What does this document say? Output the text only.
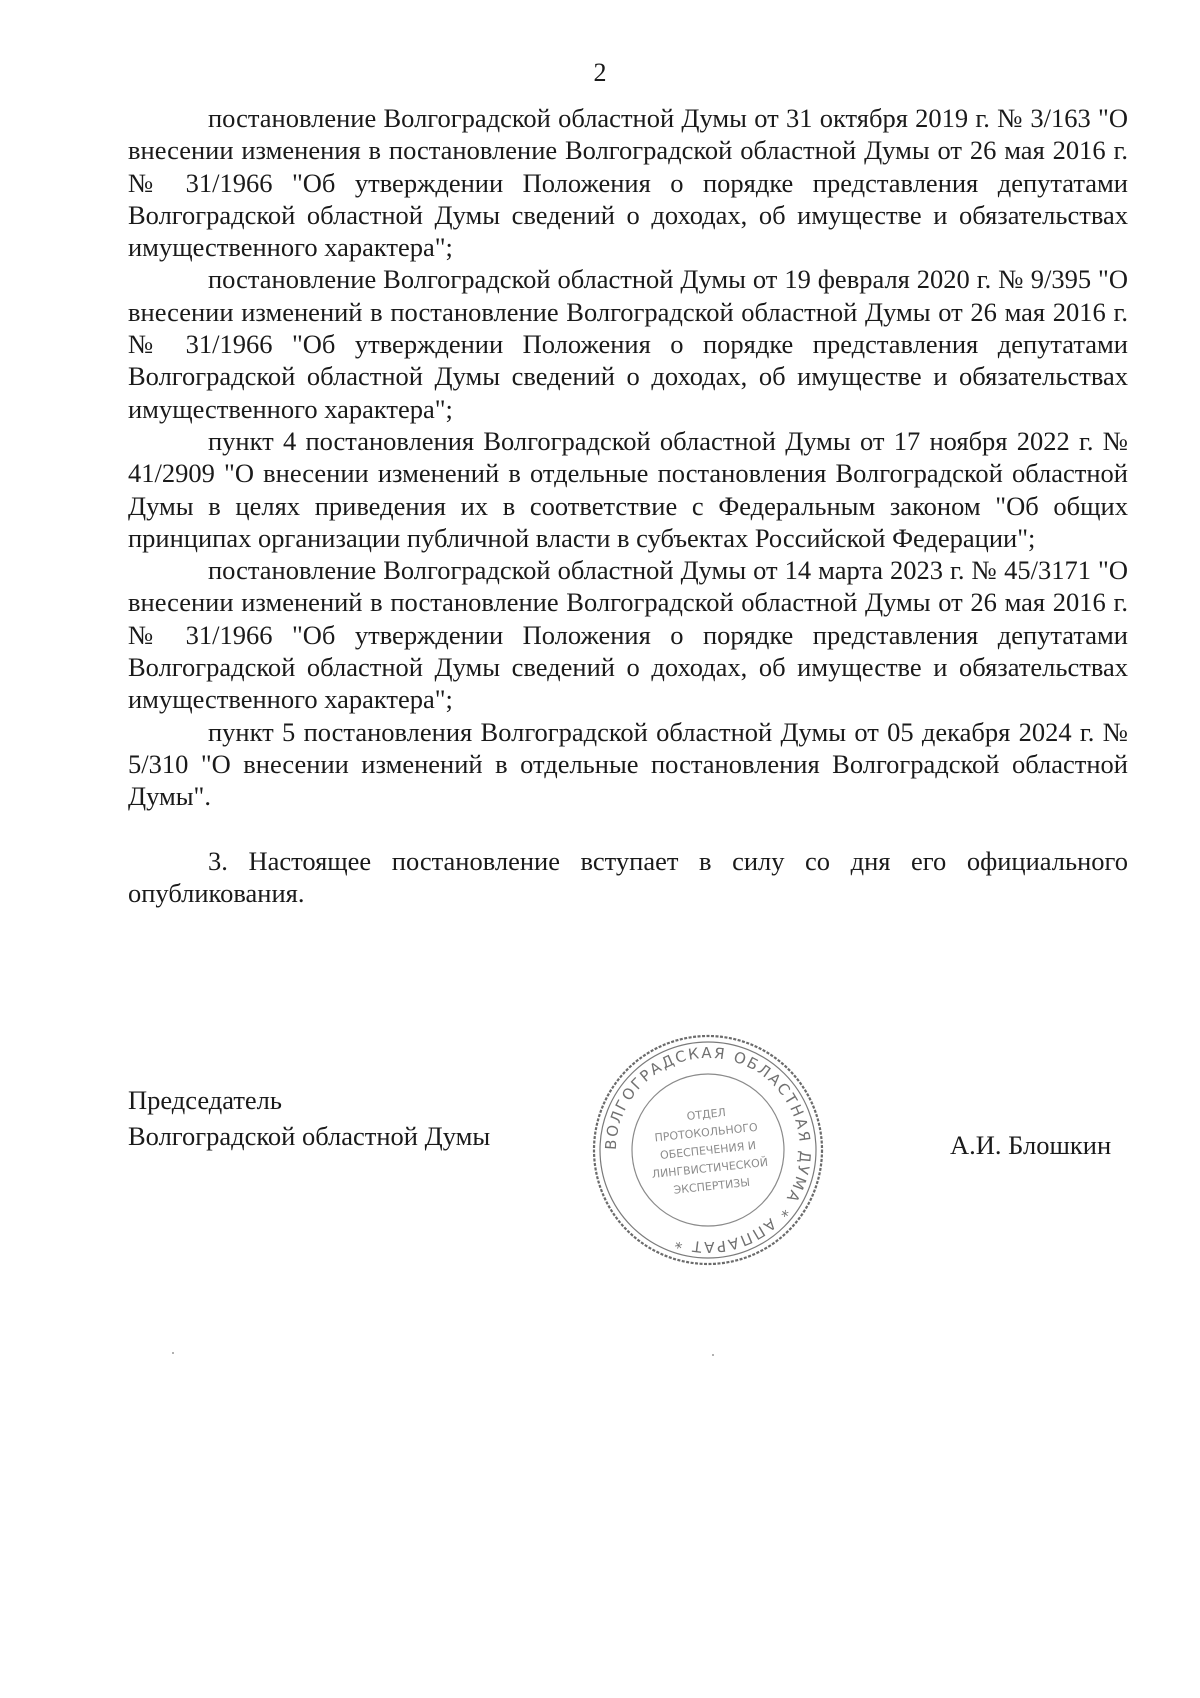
2

постановление Волгоградской областной Думы от 31 октября 2019 г. № 3/163 "О внесении изменения в постановление Волгоградской областной Думы от 26 мая 2016 г. № 31/1966 "Об утверждении Положения о порядке представления депутатами Волгоградской областной Думы сведений о доходах, об имуществе и обязательствах имущественного характера";

постановление Волгоградской областной Думы от 19 февраля 2020 г. № 9/395 "О внесении изменений в постановление Волгоградской областной Думы от 26 мая 2016 г. № 31/1966 "Об утверждении Положения о порядке представления депутатами Волгоградской областной Думы сведений о доходах, об имуществе и обязательствах имущественного характера";

пункт 4 постановления Волгоградской областной Думы от 17 ноября 2022 г. № 41/2909 "О внесении изменений в отдельные постановления Волгоградской областной Думы в целях приведения их в соответствие с Федеральным законом "Об общих принципах организации публичной власти в субъектах Российской Федерации";

постановление Волгоградской областной Думы от 14 марта 2023 г. № 45/3171 "О внесении изменений в постановление Волгоградской областной Думы от 26 мая 2016 г. № 31/1966 "Об утверждении Положения о порядке представления депутатами Волгоградской областной Думы сведений о доходах, об имуществе и обязательствах имущественного характера";

пункт 5 постановления Волгоградской областной Думы от 05 декабря 2024 г. № 5/310 "О внесении изменений в отдельные постановления Волгоградской областной Думы".

3. Настоящее постановление вступает в силу со дня его официального опубликования.

Председатель
Волгоградской областной Думы	ВОЛГОГРАДСКАЯ ОБЛАСТНАЯ ДУМА * АППАРАТ *
ОТДЕЛ
ПРОТОКОЛЬНОГО
ОБЕСПЕЧЕНИЯ И
ЛИНГВИСТИЧЕСКОЙ
ЭКСПЕРТИЗЫ
А.И. Блошкин
